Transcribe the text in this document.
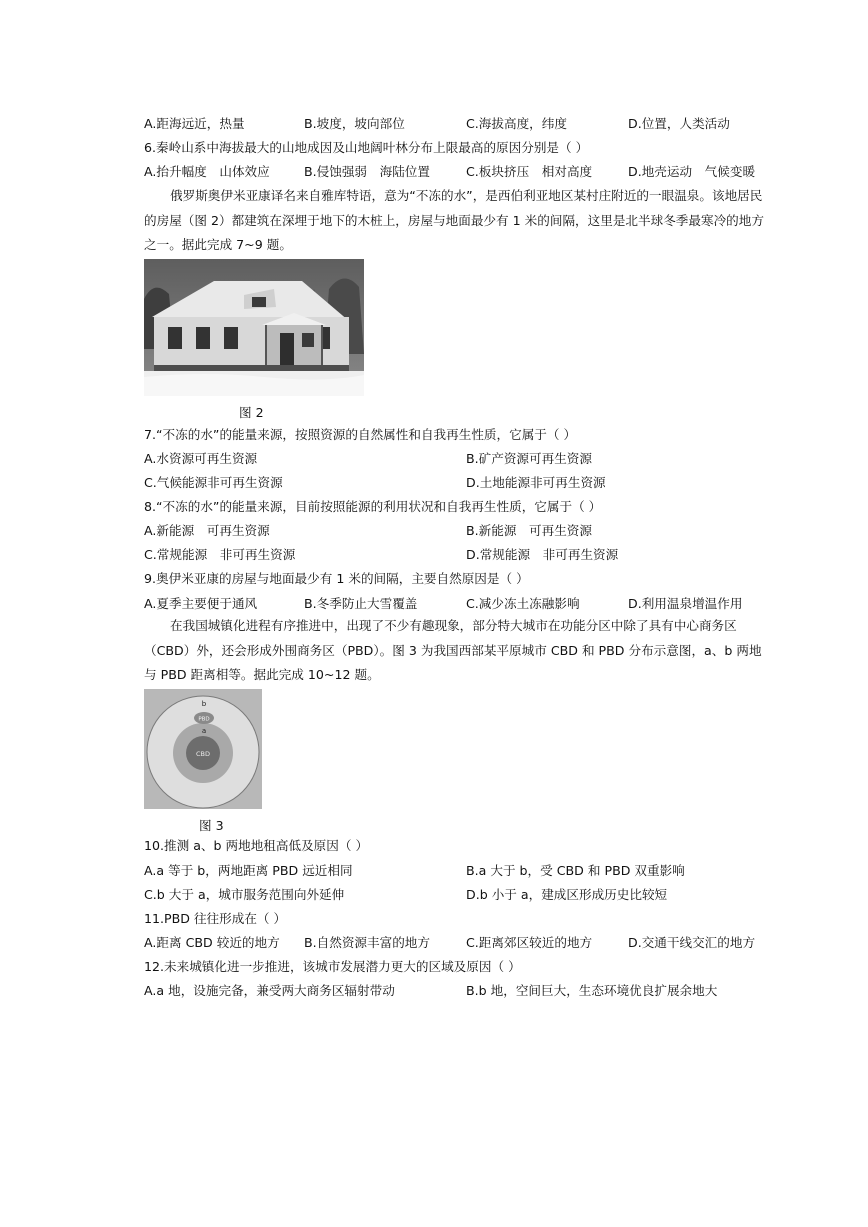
A.距海远近，热量	B.坡度，坡向部位	C.海拔高度，纬度	D.位置，人类活动
6.秦岭山系中海拔最大的山地成因及山地阔叶林分布上限最高的原因分别是（ ）
A.抬升幅度　山体效应	B.侵蚀强弱　海陆位置	C.板块挤压　相对高度	D.地壳运动　气候变暖
俄罗斯奥伊米亚康译名来自雅库特语，意为“不冻的水”，是西伯利亚地区某村庄附近的一眼温泉。该地居民的房屋（图 2）都建筑在深埋于地下的木桩上，房屋与地面最少有 1 米的间隔，这里是北半球冬季最寒冷的地方之一。据此完成 7~9 题。
图 2
7.“不冻的水”的能量来源，按照资源的自然属性和自我再生性质，它属于（ ）
A.水资源可再生资源	B.矿产资源可再生资源
C.气候能源非可再生资源	D.土地能源非可再生资源
8.“不冻的水”的能量来源，目前按照能源的利用状况和自我再生性质，它属于（ ）
A.新能源　可再生资源	B.新能源　可再生资源
C.常规能源　非可再生资源	D.常规能源　非可再生资源
9.奥伊米亚康的房屋与地面最少有 1 米的间隔，主要自然原因是（ ）
A.夏季主要便于通风	B.冬季防止大雪覆盖	C.减少冻土冻融影响	D.利用温泉增温作用
在我国城镇化进程有序推进中，出现了不少有趣现象，部分特大城市在功能分区中除了具有中心商务区（CBD）外，还会形成外围商务区（PBD）。图 3 为我国西部某平原城市 CBD 和 PBD 分布示意图，a、b 两地与 PBD 距离相等。据此完成 10~12 题。
b
PBD
a
CBD
图 3
10.推测 a、b 两地地租高低及原因（ ）
A.a 等于 b，两地距离 PBD 远近相同	B.a 大于 b，受 CBD 和 PBD 双重影响
C.b 大于 a，城市服务范围向外延伸	D.b 小于 a，建成区形成历史比较短
11.PBD 往往形成在（ ）
A.距离 CBD 较近的地方 B.自然资源丰富的地方	C.距离郊区较近的地方	D.交通干线交汇的地方
12.未来城镇化进一步推进，该城市发展潜力更大的区域及原因（ ）
A.a 地，设施完备，兼受两大商务区辐射带动	B.b 地，空间巨大，生态环境优良扩展余地大
